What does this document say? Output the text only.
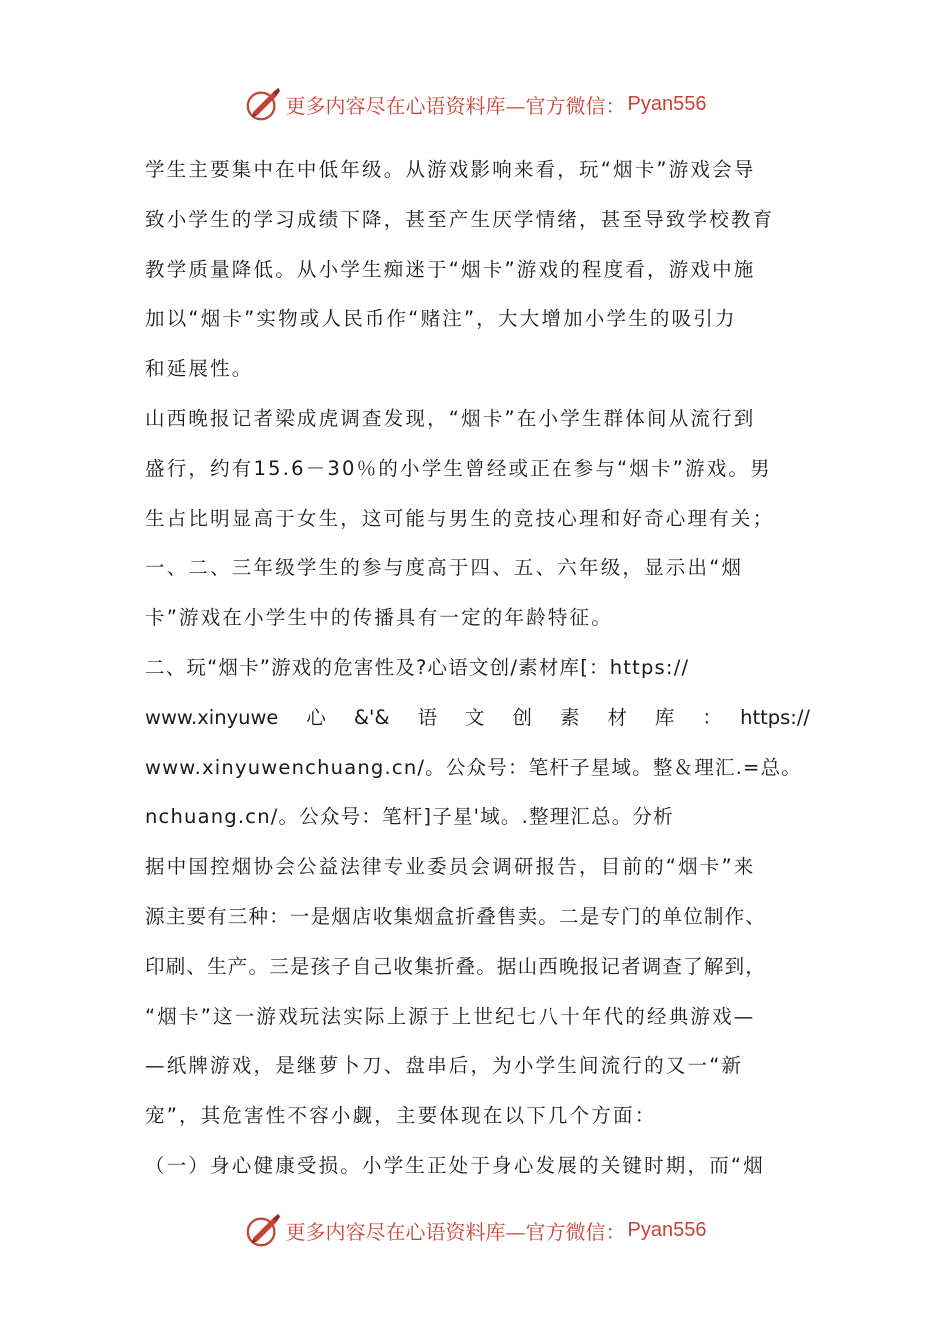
更多内容尽在心语资料库—官方微信： Pyan556
学生主要集中在中低年级。从游戏影响来看，玩“烟卡”游戏会导
致小学生的学习成绩下降，甚至产生厌学情绪，甚至导致学校教育
教学质量降低。从小学生痴迷于“烟卡”游戏的程度看，游戏中施
加以“烟卡”实物或人民币作“赌注”，大大增加小学生的吸引力
和延展性。
山西晚报记者梁成虎调查发现，“烟卡”在小学生群体间从流行到
盛行，约有15.6－30％的小学生曾经或正在参与“烟卡”游戏。男
生占比明显高于女生，这可能与男生的竞技心理和好奇心理有关；
一、二、三年级学生的参与度高于四、五、六年级，显示出“烟
卡”游戏在小学生中的传播具有一定的年龄特征。
二、玩“烟卡”游戏的危害性及?心语文创/素材库[：https://
www.xinyuwe　心　&'&　语　文　创　素　材　库　：　https://
www.xinyuwenchuang.cn/。公众号：笔杆子星域。整＆理汇.=总。
nchuang.cn/。公众号：笔杆]子星'域。.整理汇总。分析
据中国控烟协会公益法律专业委员会调研报告，目前的“烟卡”来
源主要有三种：一是烟店收集烟盒折叠售卖。二是专门的单位制作、
印刷、生产。三是孩子自己收集折叠。据山西晚报记者调查了解到，
“烟卡”这一游戏玩法实际上源于上世纪七八十年代的经典游戏—
—纸牌游戏，是继萝卜刀、盘串后，为小学生间流行的又一“新
宠”，其危害性不容小觑，主要体现在以下几个方面：
（一）身心健康受损。小学生正处于身心发展的关键时期，而“烟
更多内容尽在心语资料库—官方微信： Pyan556
